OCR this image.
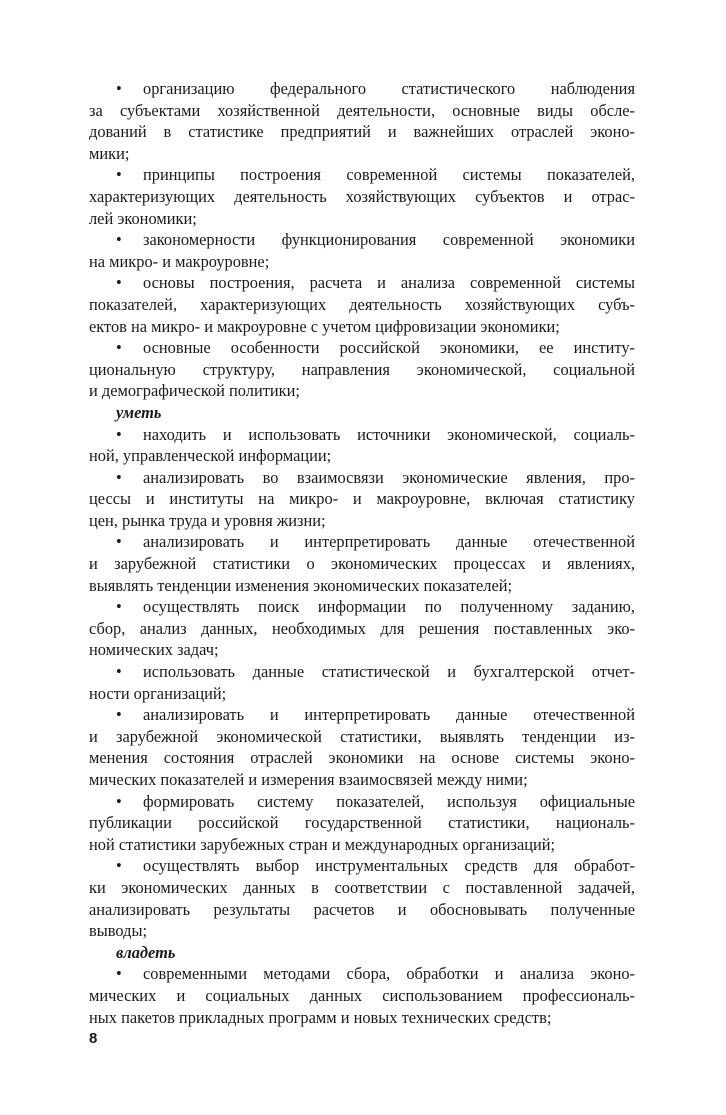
• организацию федерального статистического наблюдения
за субъектами хозяйственной деятельности, основные виды обсле-
дований в статистике предприятий и важнейших отраслей эконо-
мики;
• принципы построения современной системы показателей,
характеризующих деятельность хозяйствующих субъектов и отрас-
лей экономики;
• закономерности функционирования современной экономики
на микро- и макроуровне;
• основы построения, расчета и анализа современной системы
показателей, характеризующих деятельность хозяйствующих субъ-
ектов на микро- и макроуровне с учетом цифровизации экономики;
• основные особенности российской экономики, ее институ-
циональную структуру, направления экономической, социальной
и демографической политики;
уметь
• находить и использовать источники экономической, социаль-
ной, управленческой информации;
• анализировать во взаимосвязи экономические явления, про-
цессы и институты на микро- и макроуровне, включая статистику
цен, рынка труда и уровня жизни;
• анализировать и интерпретировать данные отечественной
и зарубежной статистики о экономических процессах и явлениях,
выявлять тенденции изменения экономических показателей;
• осуществлять поиск информации по полученному заданию,
сбор, анализ данных, необходимых для решения поставленных эко-
номических задач;
• использовать данные статистической и бухгалтерской отчет-
ности организаций;
• анализировать и интерпретировать данные отечественной
и зарубежной экономической статистики, выявлять тенденции из-
менения состояния отраслей экономики на основе системы эконо-
мических показателей и измерения взаимосвязей между ними;
• формировать систему показателей, используя официальные
публикации российской государственной статистики, националь-
ной статистики зарубежных стран и международных организаций;
• осуществлять выбор инструментальных средств для обработ-
ки экономических данных в соответствии с поставленной задачей,
анализировать результаты расчетов и обосновывать полученные
выводы;
владеть
• современными методами сбора, обработки и анализа эконо-
мических и социальных данных сиспользованием профессиональ-
ных пакетов прикладных программ и новых технических средств;
8
